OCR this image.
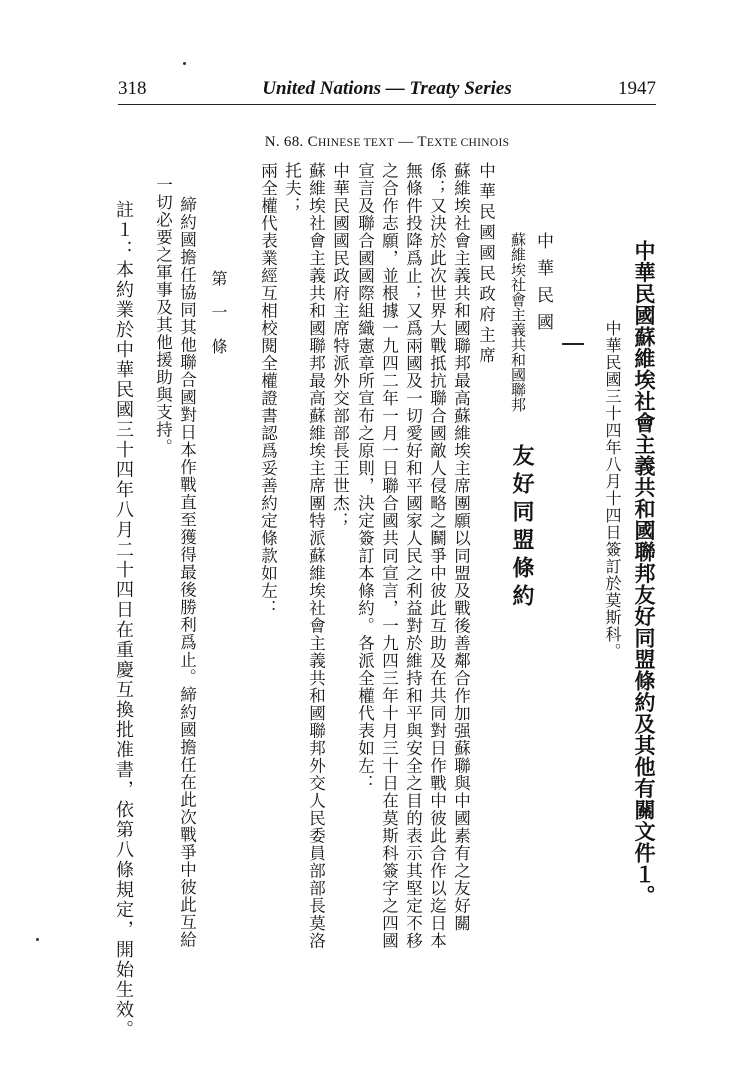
318	United Nations — Treaty Series	1947
N. 68. CHINESE TEXT — TEXTE CHINOIS
中華民國蘇維埃社會主義共和國聯邦友好同盟條約及其他有關文件１。
中華民國三十四年八月十四日簽訂於莫斯科。
中華民國
蘇維埃社會主義共和國聯邦
友好同盟條約
中華民國國民政府主席
蘇維埃社會主義共和國聯邦最高蘇維埃主席團願以同盟及戰後善鄰合作加强蘇聯與中國素有之友好關
係；又決於此次世界大戰抵抗聯合國敵人侵略之鬭爭中彼此互助及在共同對日作戰中彼此合作以迄日本
無條件投降爲止；又爲兩國及一切愛好和平國家人民之利益對於維持和平與安全之目的表示其堅定不移
之合作志願，並根據一九四二年一月一日聯合國共同宣言，一九四三年十月三十日在莫斯科簽字之四國
宣言及聯合國國際組織憲章所宣布之原則，決定簽訂本條約。各派全權代表如左：
中華民國國民政府主席特派外交部部長王世杰；
蘇維埃社會主義共和國聯邦最高蘇維埃主席團特派蘇維埃社會主義共和國聯邦外交人民委員部部長莫洛
托夫；
兩全權代表業經互相校閱全權證書認爲妥善約定條款如左：
第一條
締約國擔任協同其他聯合國對日本作戰直至獲得最後勝利爲止。締約國擔任在此次戰爭中彼此互給
一切必要之軍事及其他援助與支持。
註１：本約業於中華民國三十四年八月二十四日在重慶互換批准書，依第八條規定，開始生效。
